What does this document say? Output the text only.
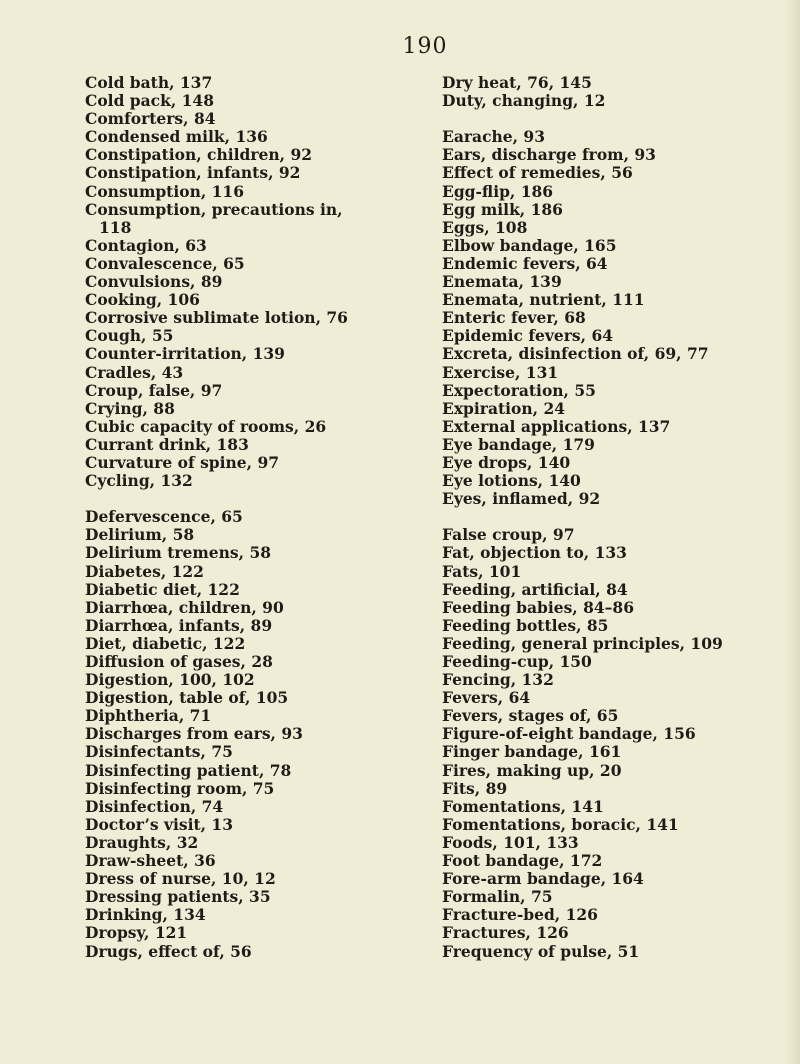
190
Cold bath, 137
Cold pack, 148
Comforters, 84
Condensed milk, 136
Constipation, children, 92
Constipation, infants, 92
Consumption, 116
Consumption, precautions in,
118
Contagion, 63
Convalescence, 65
Convulsions, 89
Cooking, 106
Corrosive sublimate lotion, 76
Cough, 55
Counter-irritation, 139
Cradles, 43
Croup, false, 97
Crying, 88
Cubic capacity of rooms, 26
Currant drink, 183
Curvature of spine, 97
Cycling, 132
Defervescence, 65
Delirium, 58
Delirium tremens, 58
Diabetes, 122
Diabetic diet, 122
Diarrhœa, children, 90
Diarrhœa, infants, 89
Diet, diabetic, 122
Diffusion of gases, 28
Digestion, 100, 102
Digestion, table of, 105
Diphtheria, 71
Discharges from ears, 93
Disinfectants, 75
Disinfecting patient, 78
Disinfecting room, 75
Disinfection, 74
Doctor’s visit, 13
Draughts, 32
Draw-sheet, 36
Dress of nurse, 10, 12
Dressing patients, 35
Drinking, 134
Dropsy, 121
Drugs, effect of, 56
Dry heat, 76, 145
Duty, changing, 12
Earache, 93
Ears, discharge from, 93
Effect of remedies, 56
Egg-flip, 186
Egg milk, 186
Eggs, 108
Elbow bandage, 165
Endemic fevers, 64
Enemata, 139
Enemata, nutrient, 111
Enteric fever, 68
Epidemic fevers, 64
Excreta, disinfection of, 69, 77
Exercise, 131
Expectoration, 55
Expiration, 24
External applications, 137
Eye bandage, 179
Eye drops, 140
Eye lotions, 140
Eyes, inflamed, 92
False croup, 97
Fat, objection to, 133
Fats, 101
Feeding, artificial, 84
Feeding babies, 84–86
Feeding bottles, 85
Feeding, general principles, 109
Feeding-cup, 150
Fencing, 132
Fevers, 64
Fevers, stages of, 65
Figure-of-eight bandage, 156
Finger bandage, 161
Fires, making up, 20
Fits, 89
Fomentations, 141
Fomentations, boracic, 141
Foods, 101, 133
Foot bandage, 172
Fore-arm bandage, 164
Formalin, 75
Fracture-bed, 126
Fractures, 126
Frequency of pulse, 51
